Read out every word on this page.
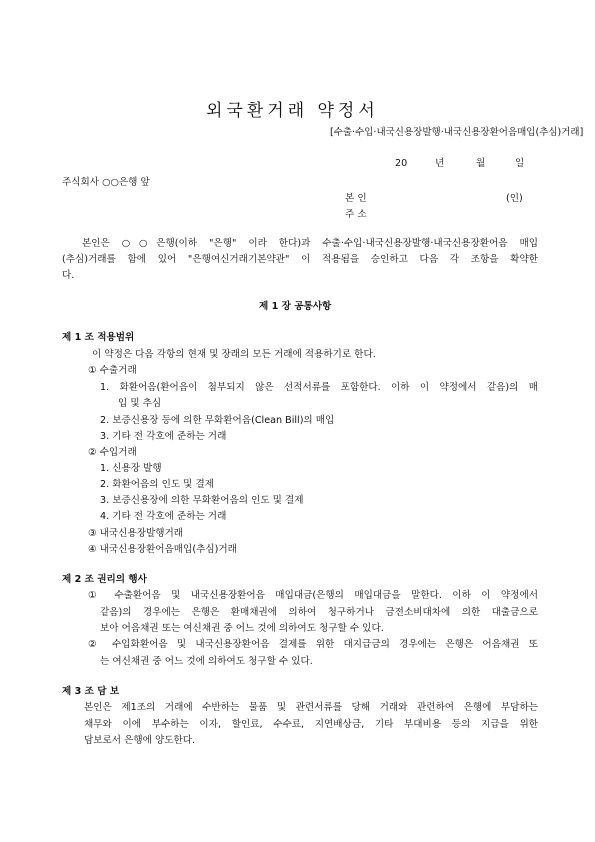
외국환거래 약정서
[수출·수입·내국신용장발행·내국신용장환어음매입(추심)거래]
20	년	월	일
주식회사 ○○은행 앞
본 인	(인)
주 소
본인은 ○○은행(이하 "은행" 이라 한다)과 수출·수입·내국신용장발행·내국신용장환어음 매입
(추심)거래를 함에 있어 "은행여신거래기본약관" 이 적용됨을 승인하고 다음 각 조항을 확약한
다.
제 1 장 공통사항
제 1 조 적용범위
이 약정은 다음 각항의 현재 및 장래의 모든 거래에 적용하기로 한다.
① 수출거래
1. 화환어음(환어음이 첨부되지 않은 선적서류를 포함한다. 이하 이 약정에서 같음)의 매
입 및 추심
2. 보증신용장 등에 의한 무화환어음(Clean Bill)의 매입
3. 기타 전 각호에 준하는 거래
② 수입거래
1. 신용장 발행
2. 화환어음의 인도 및 결제
3. 보증신용장에 의한 무화환어음의 인도 및 결제
4. 기타 전 각호에 준하는 거래
③ 내국신용장발행거래
④ 내국신용장환어음매입(추심)거래
제 2 조 권리의 행사
① 수출환어음 및 내국신용장환어음 매입대금(은행의 매입대금을 말한다. 이하 이 약정에서
같음)의 경우에는 은행은 환매채권에 의하여 청구하거나 금전소비대차에 의한 대출금으로
보아 어음채권 또는 여신채권 중 어느 것에 의하여도 청구할 수 있다.
② 수입화환어음 및 내국신용장환어음 결제를 위한 대지급금의 경우에는 은행은 어음채권 또
는 여신채권 중 어느 것에 의하여도 청구할 수 있다.
제 3 조 담 보
본인은 제1조의 거래에 수반하는 물품 및 관련서류를 당해 거래와 관련하여 은행에 부담하는
채무와 이에 부수하는 이자, 할인료, 수수료, 지연배상금, 기타 부대비용 등의 지급을 위한
담보로서 은행에 양도한다.
